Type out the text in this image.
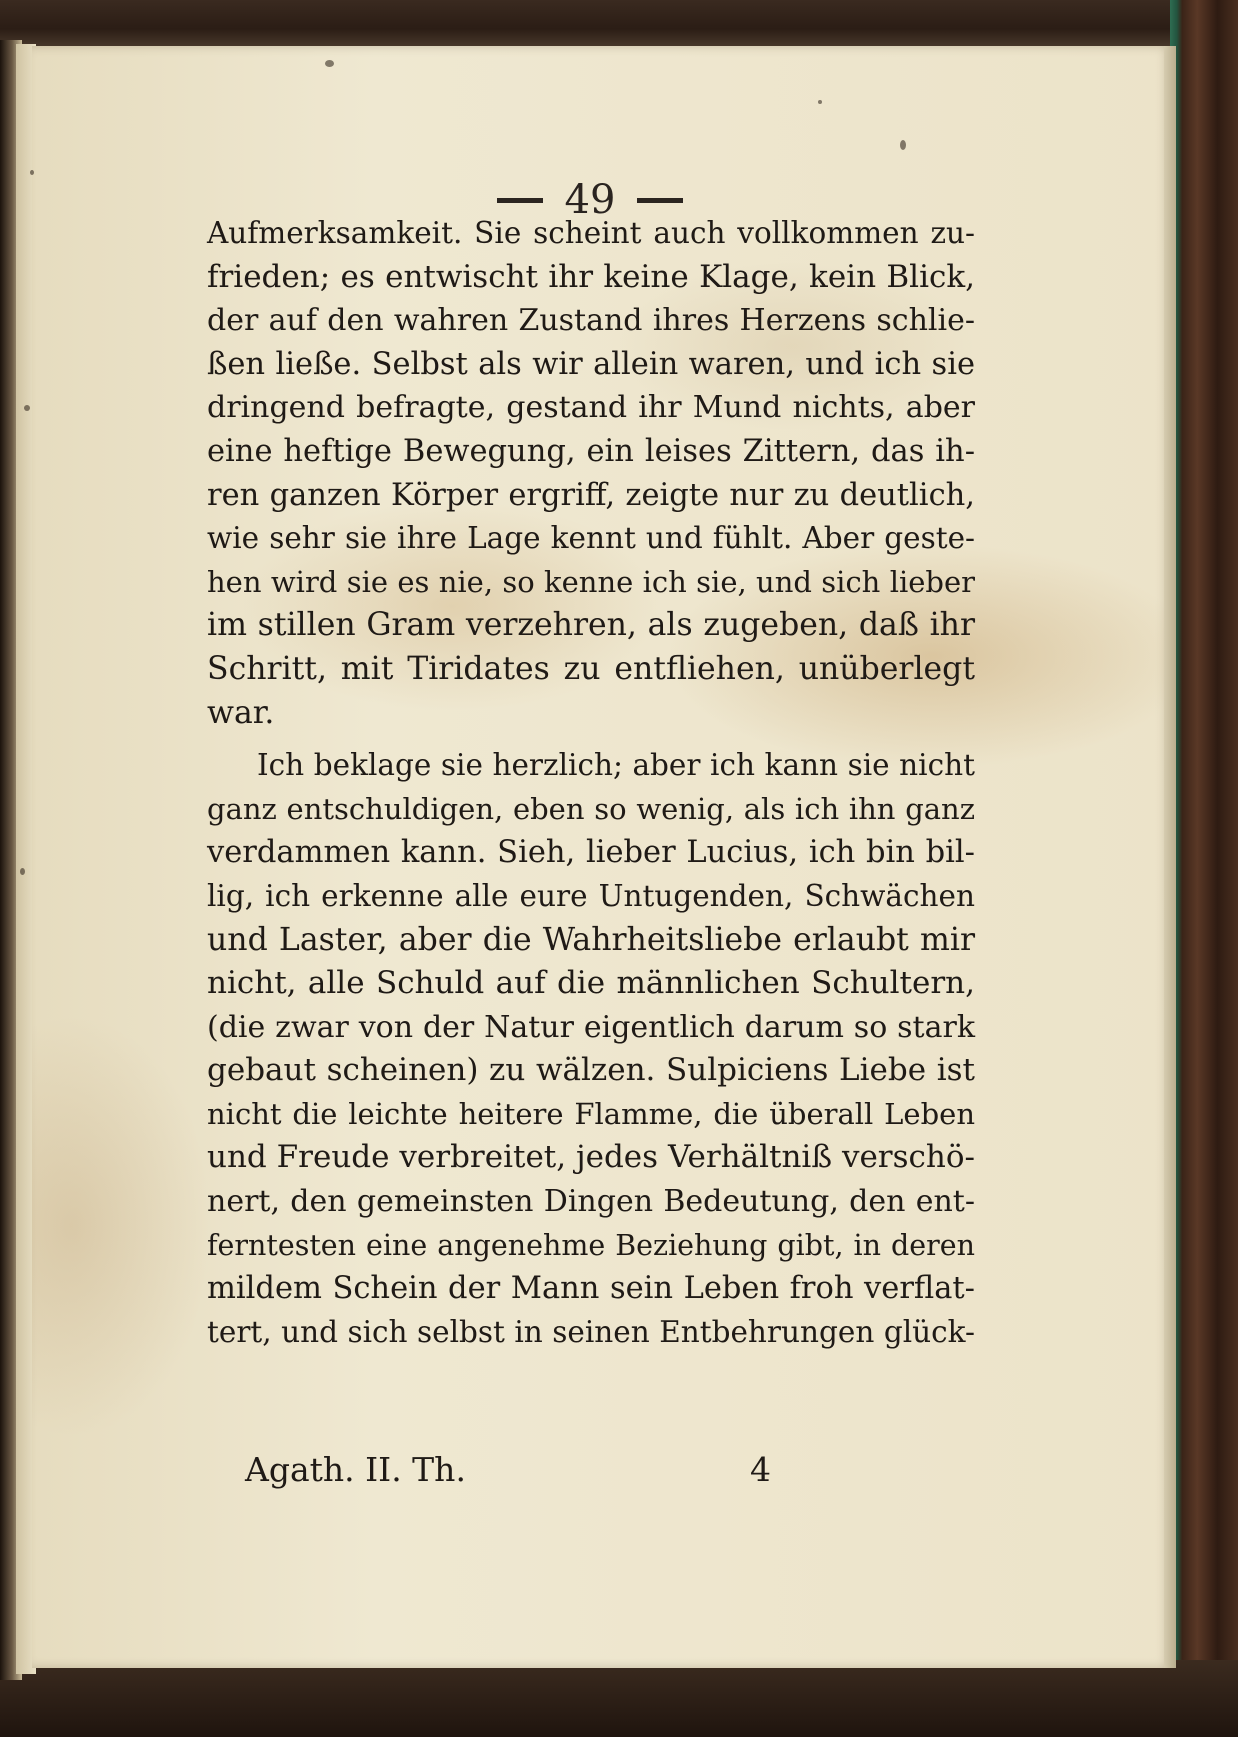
49
Aufmerksamkeit. Sie scheint auch vollkommen zu-
frieden; es entwischt ihr keine Klage, kein Blick,
der auf den wahren Zustand ihres Herzens schlie-
ßen ließe. Selbst als wir allein waren, und ich sie
dringend befragte, gestand ihr Mund nichts, aber
eine heftige Bewegung, ein leises Zittern, das ih-
ren ganzen Körper ergriff, zeigte nur zu deutlich,
wie sehr sie ihre Lage kennt und fühlt. Aber geste-
hen wird sie es nie, so kenne ich sie, und sich lieber
im stillen Gram verzehren, als zugeben, daß ihr
Schritt, mit Tiridates zu entfliehen, unüberlegt
war.
Ich beklage sie herzlich; aber ich kann sie nicht
ganz entschuldigen, eben so wenig, als ich ihn ganz
verdammen kann. Sieh, lieber Lucius, ich bin bil-
lig, ich erkenne alle eure Untugenden, Schwächen
und Laster, aber die Wahrheitsliebe erlaubt mir
nicht, alle Schuld auf die männlichen Schultern,
(die zwar von der Natur eigentlich darum so stark
gebaut scheinen) zu wälzen. Sulpiciens Liebe ist
nicht die leichte heitere Flamme, die überall Leben
und Freude verbreitet, jedes Verhältniß verschö-
nert, den gemeinsten Dingen Bedeutung, den ent-
ferntesten eine angenehme Beziehung gibt, in deren
mildem Schein der Mann sein Leben froh verflat-
tert, und sich selbst in seinen Entbehrungen glück-
Agath. II. Th.	4
